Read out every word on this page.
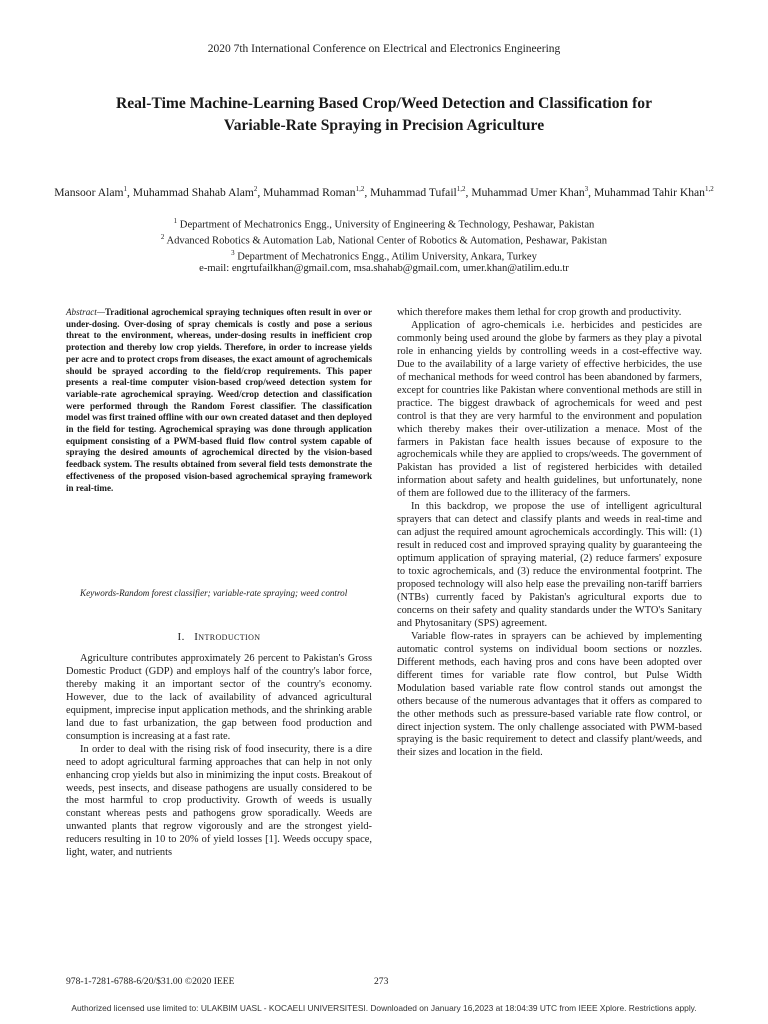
2020 7th International Conference on Electrical and Electronics Engineering
Real-Time Machine-Learning Based Crop/Weed Detection and Classification for
Variable-Rate Spraying in Precision Agriculture
Mansoor Alam$^1$, Muhammad Shahab Alam$^2$, Muhammad Roman$^{1,2}$, Muhammad Tufail$^{1,2}$, Muhammad Umer Khan$^3$, Muhammad Tahir Khan$^{1,2}$
$^1$ Department of Mechatronics Engg., University of Engineering & Technology, Peshawar, Pakistan
$^2$ Advanced Robotics & Automation Lab, National Center of Robotics & Automation, Peshawar, Pakistan
$^3$ Department of Mechatronics Engg., Atilim University, Ankara, Turkey
e-mail: engrtufailkhan@gmail.com, msa.shahab@gmail.com, umer.khan@atilim.edu.tr
Abstract—Traditional agrochemical spraying techniques often result in over or under-dosing. Over-dosing of spray chemicals is costly and pose a serious threat to the environment, whereas, under-dosing results in inefficient crop protection and thereby low crop yields. Therefore, in order to increase yields per acre and to protect crops from diseases, the exact amount of agrochemicals should be sprayed according to the field/crop requirements. This paper presents a real-time computer vision-based crop/weed detection system for variable-rate agrochemical spraying. Weed/crop detection and classification were performed through the Random Forest classifier. The classification model was first trained offline with our own created dataset and then deployed in the field for testing. Agrochemical spraying was done through application equipment consisting of a PWM-based fluid flow control system capable of spraying the desired amounts of agrochemical directed by the vision-based feedback system. The results obtained from several field tests demonstrate the effectiveness of the proposed vision-based agrochemical spraying framework in real-time.
Keywords-Random forest classifier; variable-rate spraying; weed control
I. Introduction

Agriculture contributes approximately 26 percent to Pakistan's Gross Domestic Product (GDP) and employs half of the country's labor force, thereby making it an important sector of the country's economy. However, due to the lack of availability of advanced agricultural equipment, imprecise input application methods, and the shrinking arable land due to fast urbanization, the gap between food production and consumption is increasing at a fast rate.

In order to deal with the rising risk of food insecurity, there is a dire need to adopt agricultural farming approaches that can help in not only enhancing crop yields but also in minimizing the input costs. Breakout of weeds, pest insects, and disease pathogens are usually considered to be the most harmful to crop productivity. Growth of weeds is usually constant whereas pests and pathogens grow sporadically. Weeds are unwanted plants that regrow vigorously and are the strongest yield-reducers resulting in 10 to 20% of yield losses [1]. Weeds occupy space, light, water, and nutrients

which therefore makes them lethal for crop growth and productivity.

Application of agro-chemicals i.e. herbicides and pesticides are commonly being used around the globe by farmers as they play a pivotal role in enhancing yields by controlling weeds in a cost-effective way. Due to the availability of a large variety of effective herbicides, the use of mechanical methods for weed control has been abandoned by farmers, except for countries like Pakistan where conventional methods are still in practice. The biggest drawback of agrochemicals for weed and pest control is that they are very harmful to the environment and population which thereby makes their over-utilization a menace. Most of the farmers in Pakistan face health issues because of exposure to the agrochemicals while they are applied to crops/weeds. The government of Pakistan has provided a list of registered herbicides with detailed information about safety and health guidelines, but unfortunately, none of them are followed due to the illiteracy of the farmers.

In this backdrop, we propose the use of intelligent agricultural sprayers that can detect and classify plants and weeds in real-time and can adjust the required amount agrochemicals accordingly. This will: (1) result in reduced cost and improved spraying quality by guaranteeing the optimum application of spraying material, (2) reduce farmers' exposure to toxic agrochemicals, and (3) reduce the environmental footprint. The proposed technology will also help ease the prevailing non-tariff barriers (NTBs) currently faced by Pakistan's agricultural exports due to concerns on their safety and quality standards under the WTO's Sanitary and Phytosanitary (SPS) agreement.

Variable flow-rates in sprayers can be achieved by implementing automatic control systems on individual boom sections or nozzles. Different methods, each having pros and cons have been adopted over different times for variable rate flow control, but Pulse Width Modulation based variable rate flow control stands out amongst the others because of the numerous advantages that it offers as compared to the other methods such as pressure-based variable rate flow control, or direct injection system. The only challenge associated with PWM-based spraying is the basic requirement to detect and classify plant/weeds, and their sizes and location in the field.

978-1-7281-6788-6/20/$31.00 ©2020 IEEE	273
Authorized licensed use limited to: ULAKBIM UASL - KOCAELI UNIVERSITESI. Downloaded on January 16,2023 at 18:04:39 UTC from IEEE Xplore. Restrictions apply.
